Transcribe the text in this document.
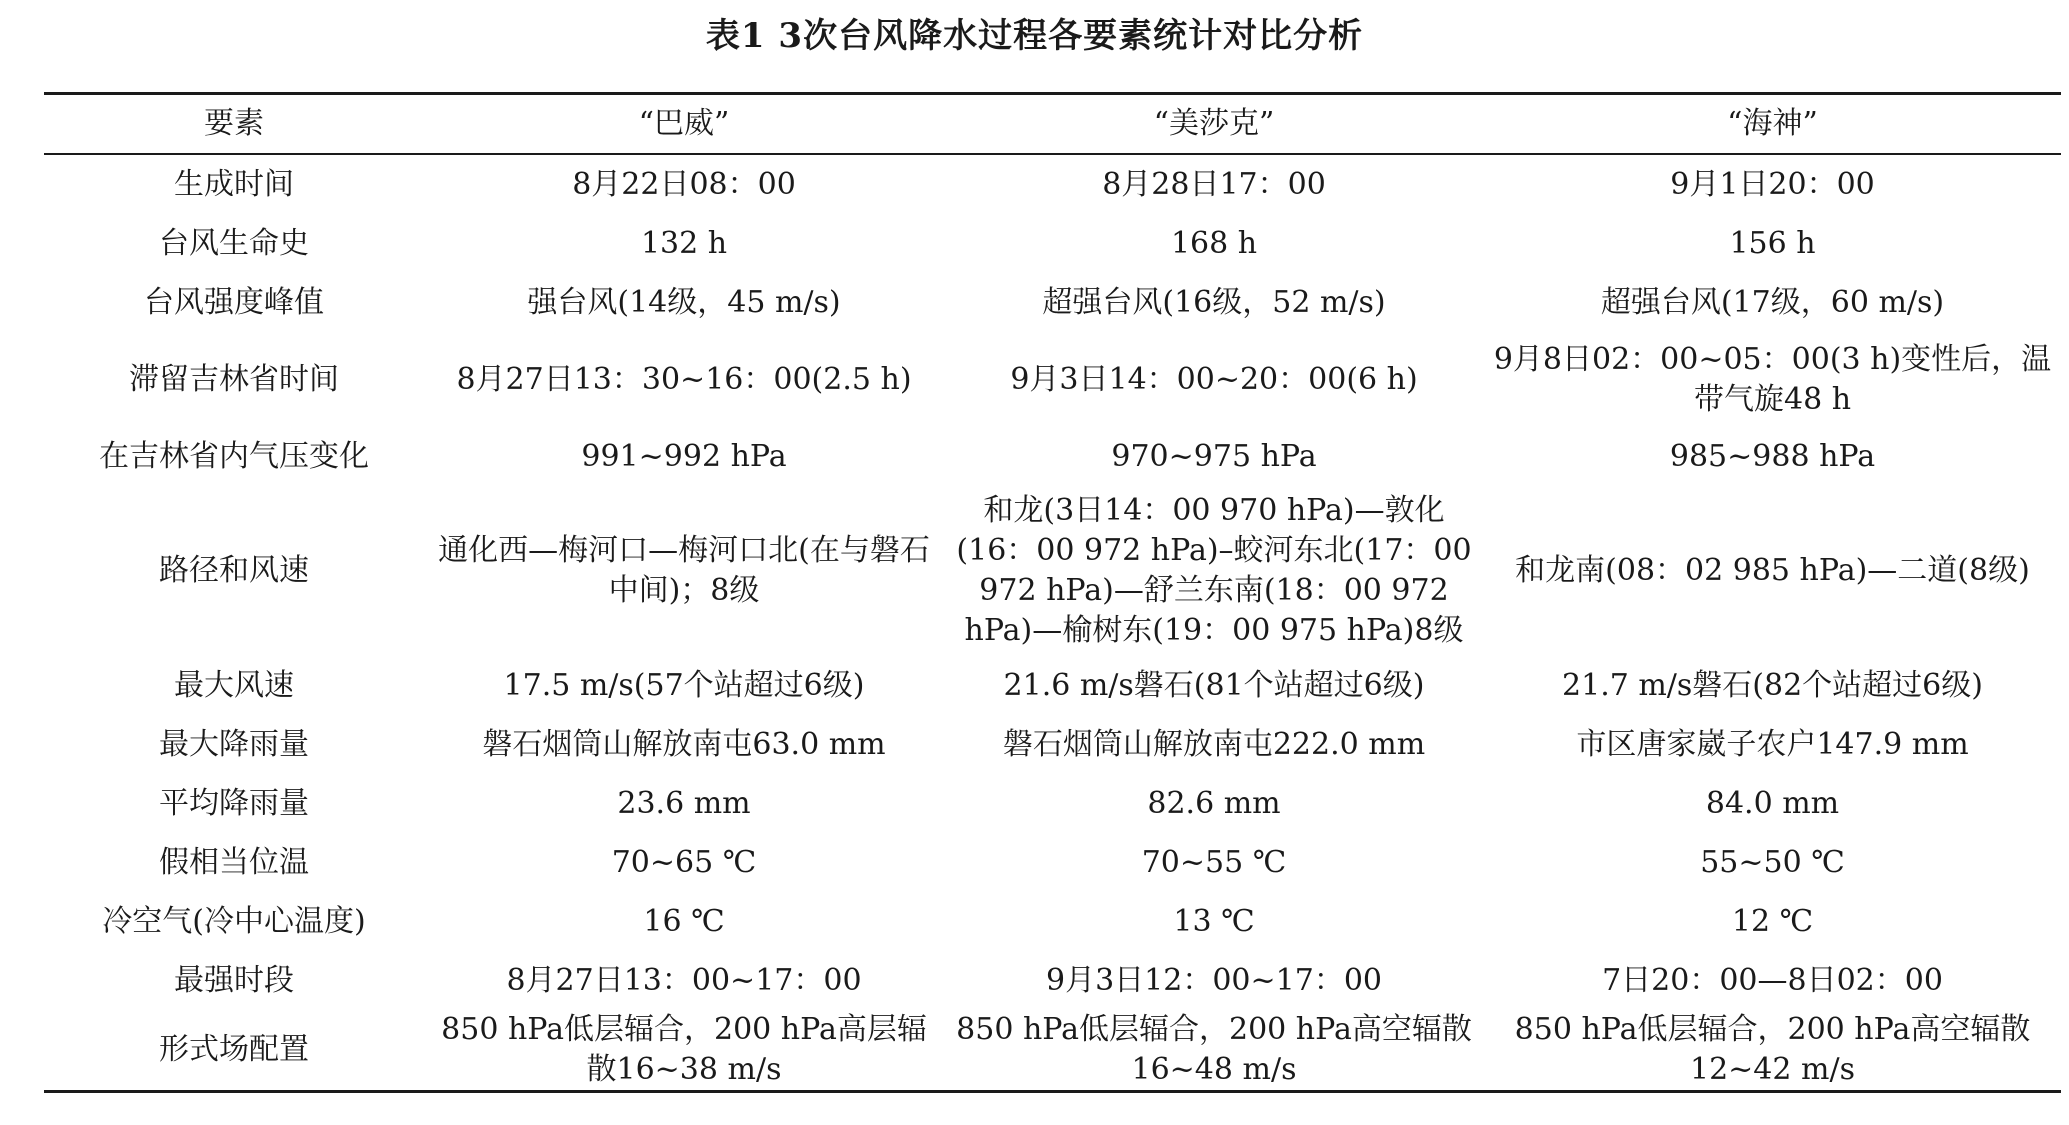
表1 3次台风降水过程各要素统计对比分析
要素	“巴威”	“美莎克”	“海神”
生成时间	8月22日08：00	8月28日17：00	9月1日20：00
台风生命史	132 h	168 h	156 h
台风强度峰值	强台风(14级，45 m/s)	超强台风(16级，52 m/s)	超强台风(17级，60 m/s)
滞留吉林省时间	8月27日13：30~16：00(2.5 h)	9月3日14：00~20：00(6 h)	9月8日02：00~05：00(3 h)变性后，温带气旋48 h
在吉林省内气压变化	991~992 hPa	970~975 hPa	985~988 hPa
路径和风速	通化西—梅河口—梅河口北(在与磐石中间)；8级	和龙(3日14：00 970 hPa)—敦化(16：00 972 hPa)–蛟河东北(17：00 972 hPa)—舒兰东南(18：00 972 hPa)—榆树东(19：00 975 hPa)8级	和龙南(08：02 985 hPa)—二道(8级)
最大风速	17.5 m/s(57个站超过6级)	21.6 m/s磐石(81个站超过6级)	21.7 m/s磐石(82个站超过6级)
最大降雨量	磐石烟筒山解放南屯63.0 mm	磐石烟筒山解放南屯222.0 mm	市区唐家崴子农户147.9 mm
平均降雨量	23.6 mm	82.6 mm	84.0 mm
假相当位温	70~65 ℃	70~55 ℃	55~50 ℃
冷空气(冷中心温度)	16 ℃	13 ℃	12 ℃
最强时段	8月27日13：00~17：00	9月3日12：00~17：00	7日20：00—8日02：00
形式场配置	850 hPa低层辐合，200 hPa高层辐散16~38 m/s	850 hPa低层辐合，200 hPa高空辐散16~48 m/s	850 hPa低层辐合，200 hPa高空辐散12~42 m/s
